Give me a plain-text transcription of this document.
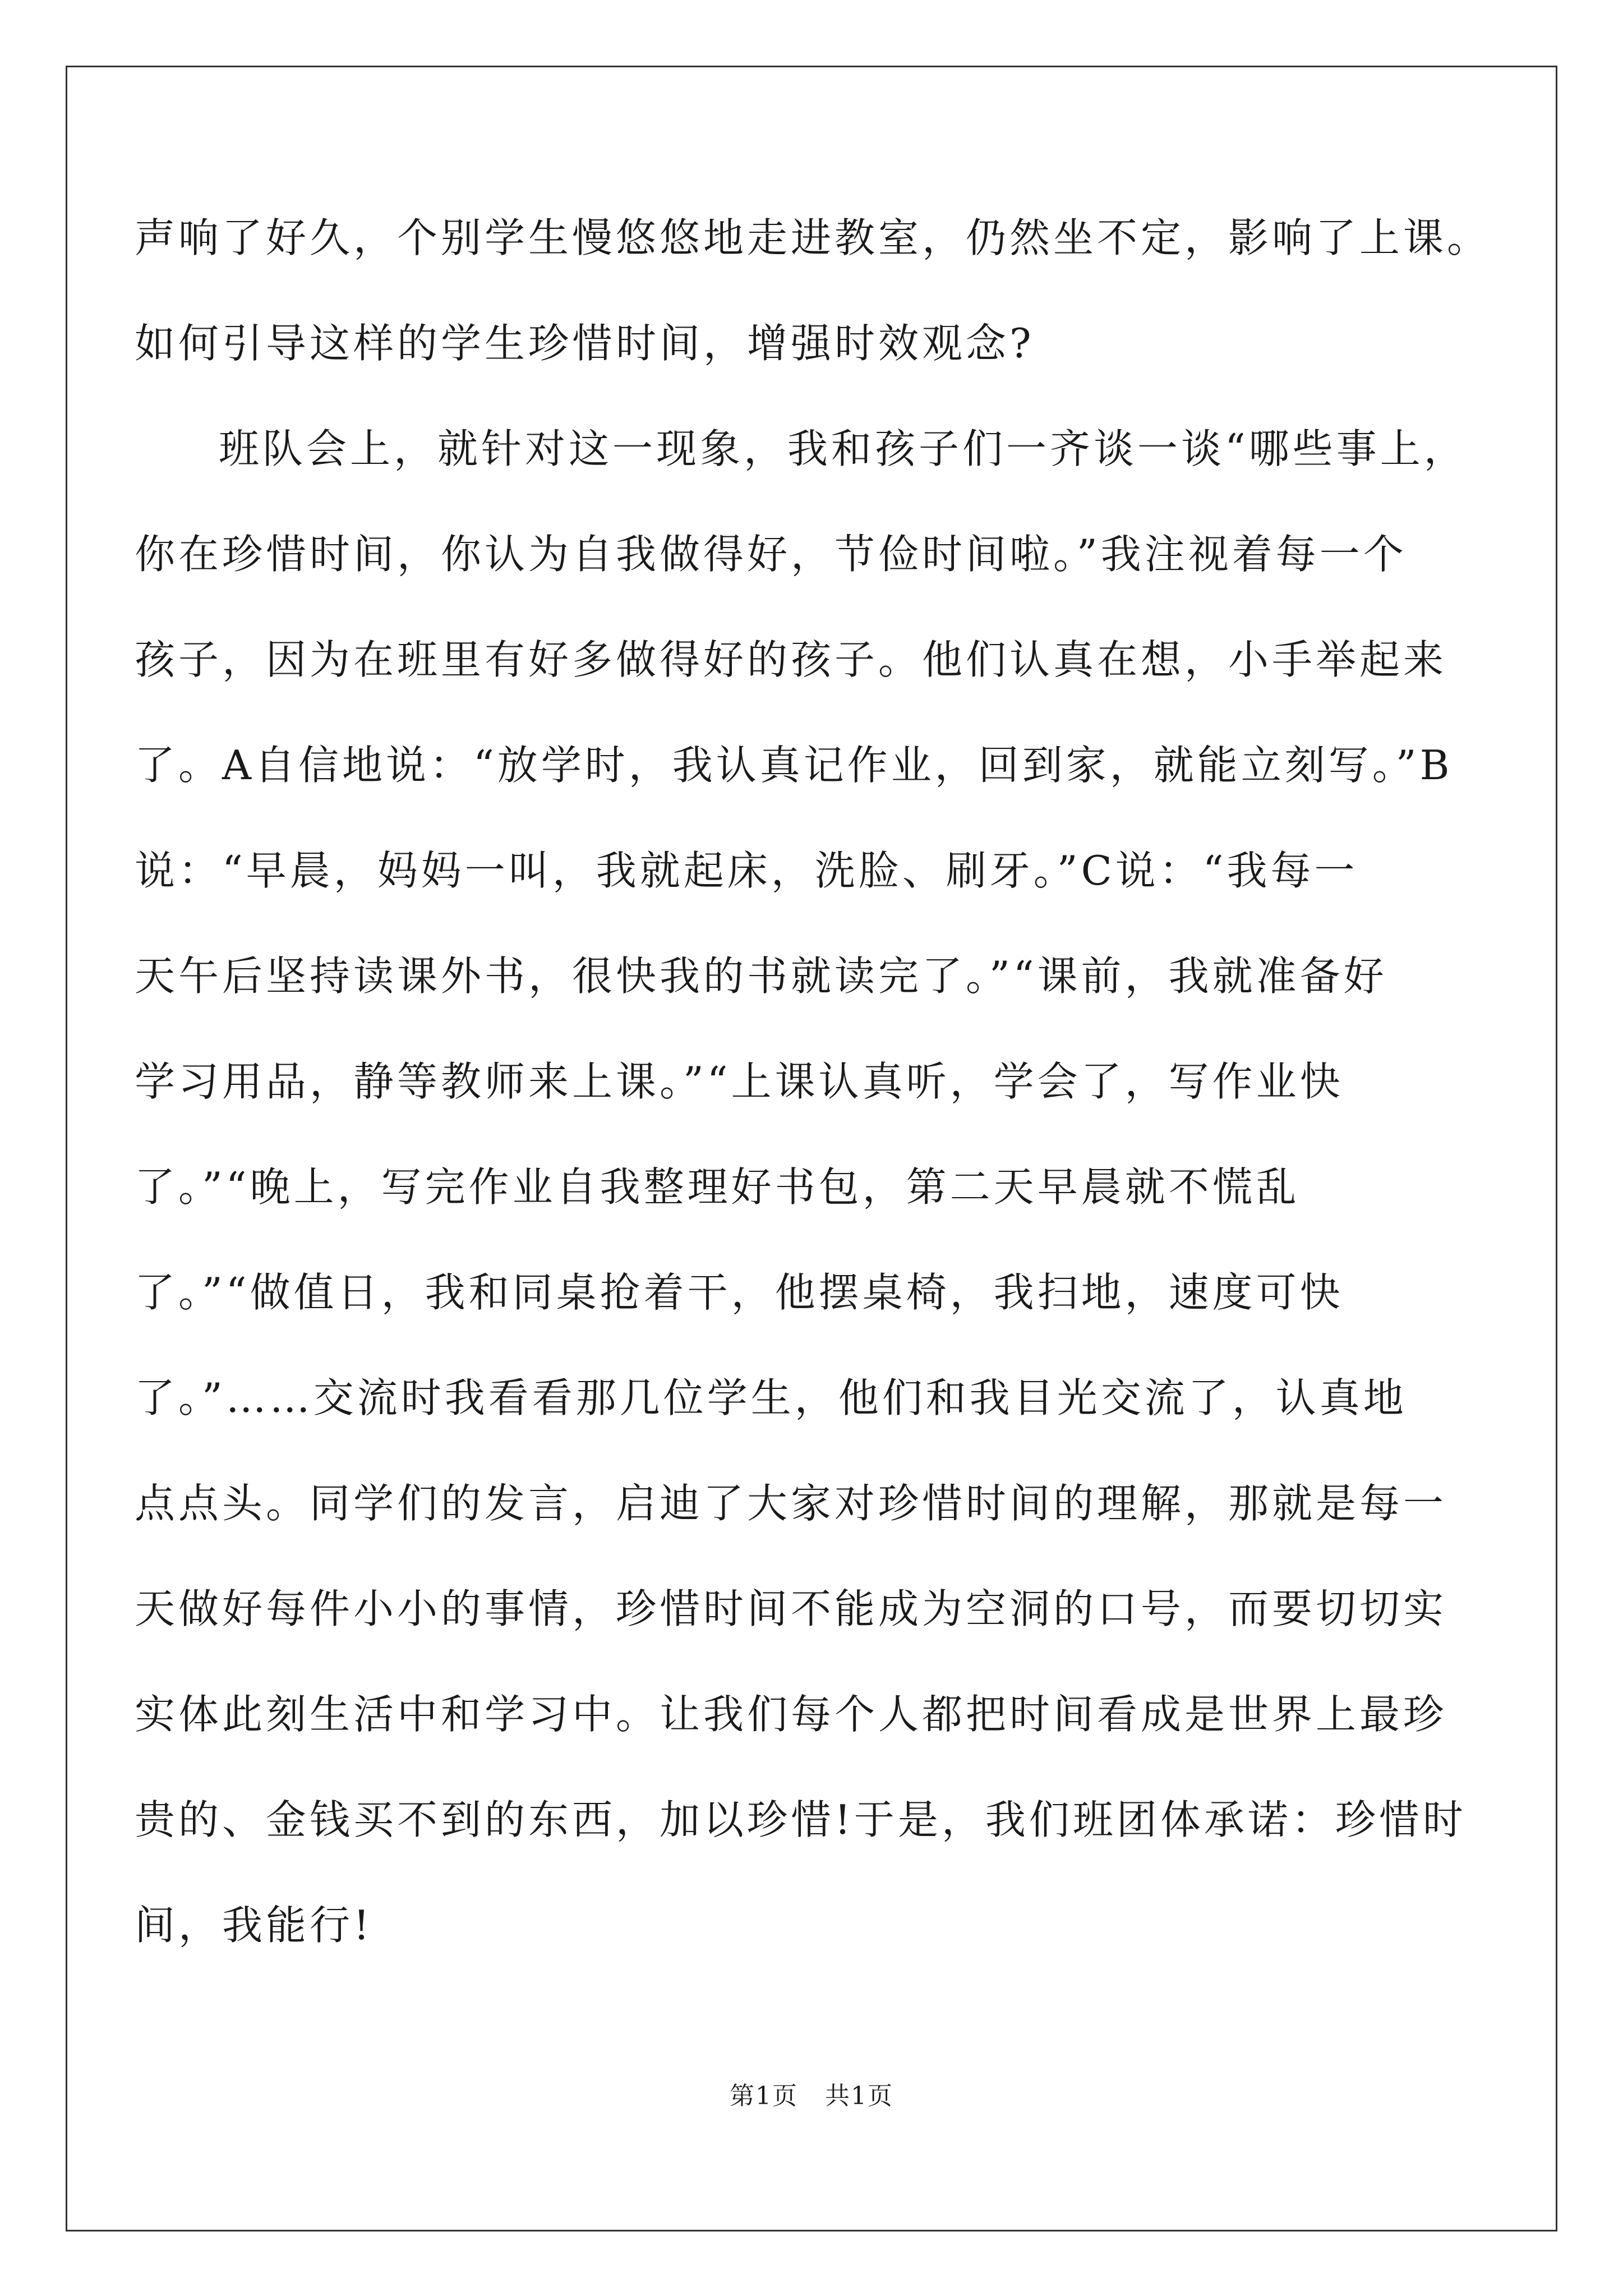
声响了好久，个别学生慢悠悠地走进教室，仍然坐不定，影响了上课。

如何引导这样的学生珍惜时间，增强时效观念?

班队会上，就针对这一现象，我和孩子们一齐谈一谈“哪些事上，

你在珍惜时间，你认为自我做得好，节俭时间啦。”我注视着每一个

孩子，因为在班里有好多做得好的孩子。他们认真在想，小手举起来

了。A自信地说：“放学时，我认真记作业，回到家，就能立刻写。”B

说：“早晨，妈妈一叫，我就起床，洗脸、刷牙。”C说：“我每一

天午后坚持读课外书，很快我的书就读完了。”“课前，我就准备好

学习用品，静等教师来上课。”“上课认真听，学会了，写作业快

了。”“晚上，写完作业自我整理好书包，第二天早晨就不慌乱

了。”“做值日，我和同桌抢着干，他摆桌椅，我扫地，速度可快

了。”……交流时我看看那几位学生，他们和我目光交流了，认真地

点点头。同学们的发言，启迪了大家对珍惜时间的理解，那就是每一

天做好每件小小的事情，珍惜时间不能成为空洞的口号，而要切切实

实体此刻生活中和学习中。让我们每个人都把时间看成是世界上最珍

贵的、金钱买不到的东西，加以珍惜!于是，我们班团体承诺：珍惜时

间，我能行!

第1页   共1页
